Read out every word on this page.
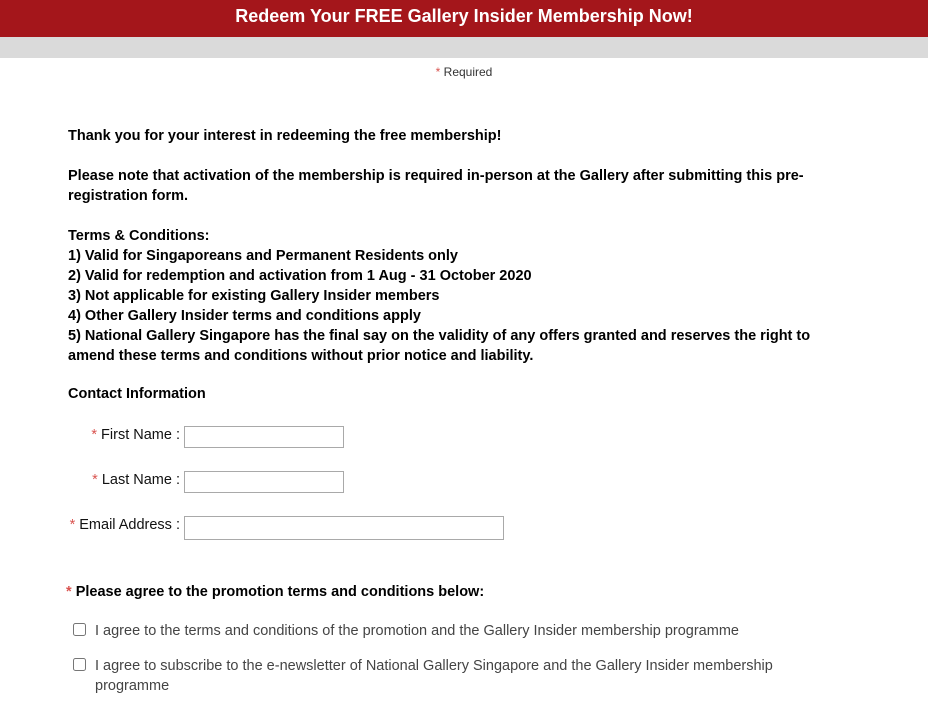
Redeem Your FREE Gallery Insider Membership Now!
* Required

Thank you for your interest in redeeming the free membership!

Please note that activation of the membership is required in-person at the Gallery after submitting this pre-

registration form.

Terms & Conditions:

1) Valid for Singaporeans and Permanent Residents only

2) Valid for redemption and activation from 1 Aug - 31 October 2020

3) Not applicable for existing Gallery Insider members

4) Other Gallery Insider terms and conditions apply

5) National Gallery Singapore has the final say on the validity of any offers granted and reserves the right to

amend these terms and conditions without prior notice and liability.

Contact Information
* First Name :
* Last Name :
* Email Address :
* Please agree to the promotion terms and conditions below:
I agree to the terms and conditions of the promotion and the Gallery Insider membership programme
I agree to subscribe to the e-newsletter of National Gallery Singapore and the Gallery Insider membership
programme
